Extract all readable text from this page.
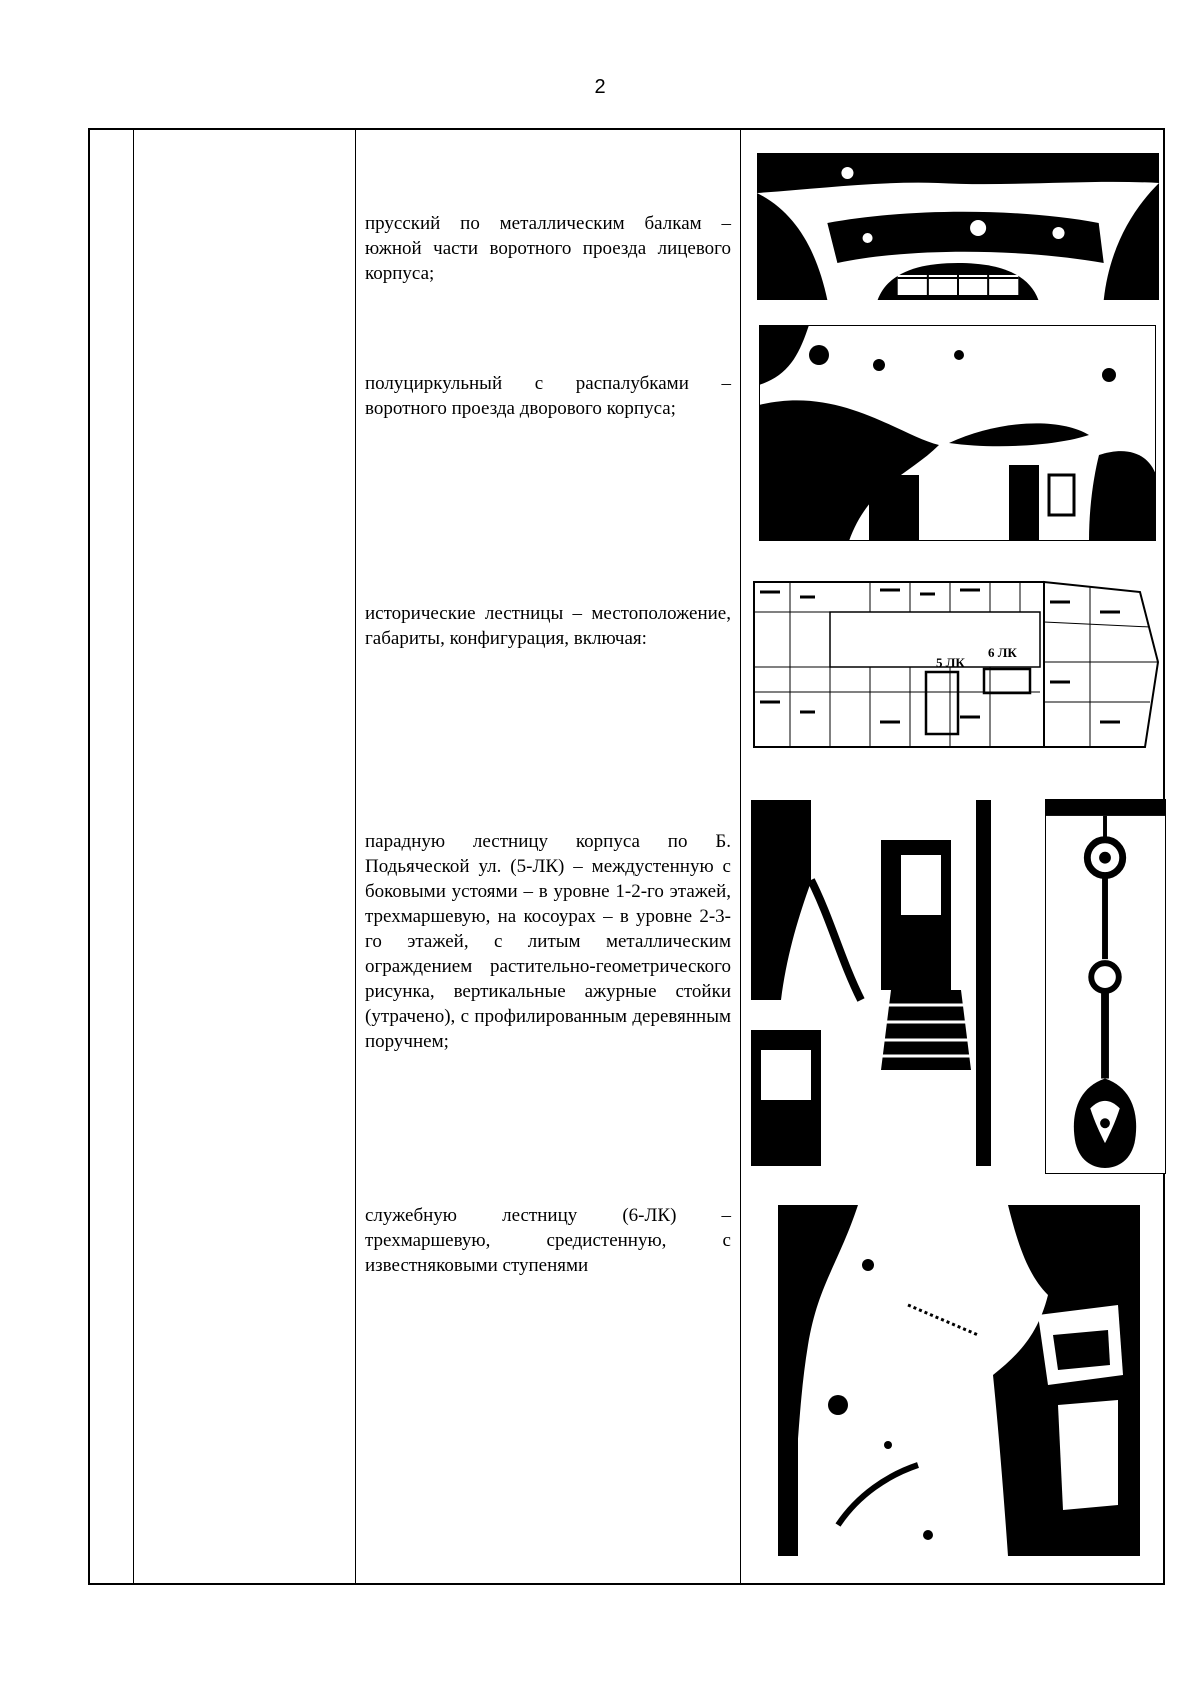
2
прусский по металлическим балкам – южной части воротного проезда лицевого корпуса;
полуциркульный с распалубками – воротного проезда дворового корпуса;
исторические лестницы – местоположение, габариты, конфигурация, включая:
парадную лестницу корпуса по Б. Подьяческой ул. (5-ЛК) – междустенную с боковыми устоями – в уровне 1-2-го этажей, трехмаршевую, на косоурах – в уровне 2-3-го этажей, с литым металлическим ограждением растительно-геометрического рисунка, вертикальные ажурные стойки (утрачено), с профилированным деревянным поручнем;
служебную лестницу (6-ЛК) – трехмаршевую, средистенную, с известняковыми ступенями
5 ЛК
6 ЛК
